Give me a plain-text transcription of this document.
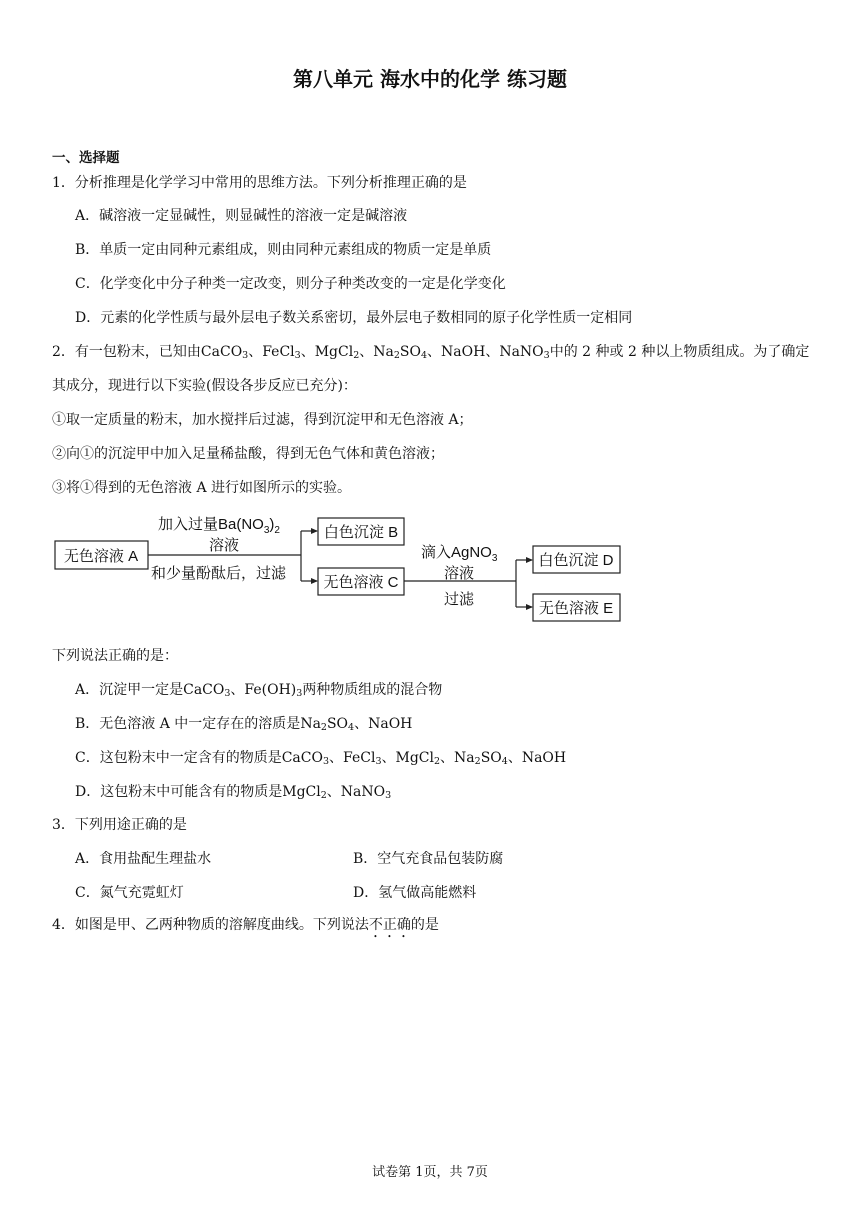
第八单元 海水中的化学 练习题
一、选择题
1．分析推理是化学学习中常用的思维方法。下列分析推理正确的是
A．碱溶液一定显碱性，则显碱性的溶液一定是碱溶液
B．单质一定由同种元素组成，则由同种元素组成的物质一定是单质
C．化学变化中分子种类一定改变，则分子种类改变的一定是化学变化
D．元素的化学性质与最外层电子数关系密切，最外层电子数相同的原子化学性质一定相同
2．有一包粉末，已知由CaCO$_3$、FeCl$_3$、MgCl$_2$、$Na_2SO_4$、NaOH、NaNO$_3$中的 2 种或 2 种以上物质组成。为了确定
其成分，现进行以下实验(假设各步反应已充分)：
①取一定质量的粉末，加水搅拌后过滤，得到沉淀甲和无色溶液 A；
②向①的沉淀甲中加入足量稀盐酸，得到无色气体和黄色溶液；
③将①得到的无色溶液 A 进行如图所示的实验。
无色溶液 A
白色沉淀 B
无色溶液 C
白色沉淀 D
无色溶液 E
加入过量$Ba(NO_3)_2$
溶液
和少量酚酞后，过滤
滴入AgNO$_3$
溶液
过滤
下列说法正确的是：
A．沉淀甲一定是CaCO$_3$、$Fe(OH)_3$两种物质组成的混合物
B．无色溶液 A 中一定存在的溶质是$Na_2SO_4$、NaOH
C．这包粉末中一定含有的物质是CaCO$_3$、FeCl$_3$、MgCl$_2$、$Na_2SO_4$、NaOH
D．这包粉末中可能含有的物质是MgCl$_2$、NaNO$_3$
3．下列用途正确的是
A．食用盐配生理盐水	B．空气充食品包装防腐
C．氮气充霓虹灯	D．氢气做高能燃料
4．如图是甲、乙两种物质的溶解度曲线。下列说法不正确的是
试卷第 1页，共 7页
